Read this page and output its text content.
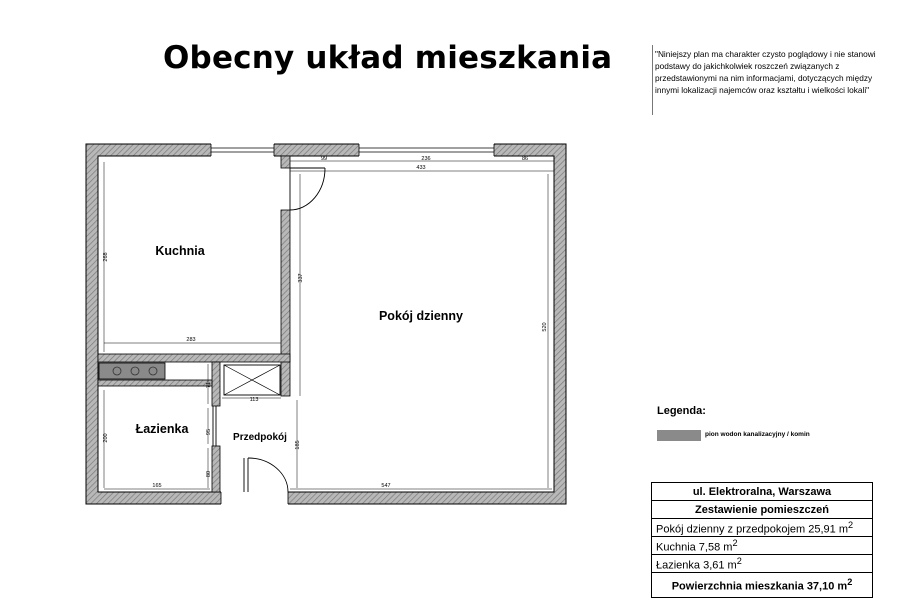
Obecny układ mieszkania	"Niniejszy plan ma charakter czysto poglądowy i nie stanowi podstawy do jakichkolwiek roszczeń związanych z przedstawionymi na nim informacjami, dotyczących między innymi lokalizacji najemców oraz kształtu i wielkości lokali"
99	236	86
433
283
113
165	547
268
337
520
71
95
200
185
80
Kuchnia
Pokój dzienny
Łazienka
Przedpokój
Legenda:
pion wodon kanalizacyjny / komin
ul. Elektroralna, Warszawa
Zestawienie pomieszczeń
Pokój dzienny z przedpokojem 25,91 $m^2$
Kuchnia 7,58 $m^2$
Łazienka 3,61 $m^2$
Powierzchnia mieszkania 37,10 $m^2$
